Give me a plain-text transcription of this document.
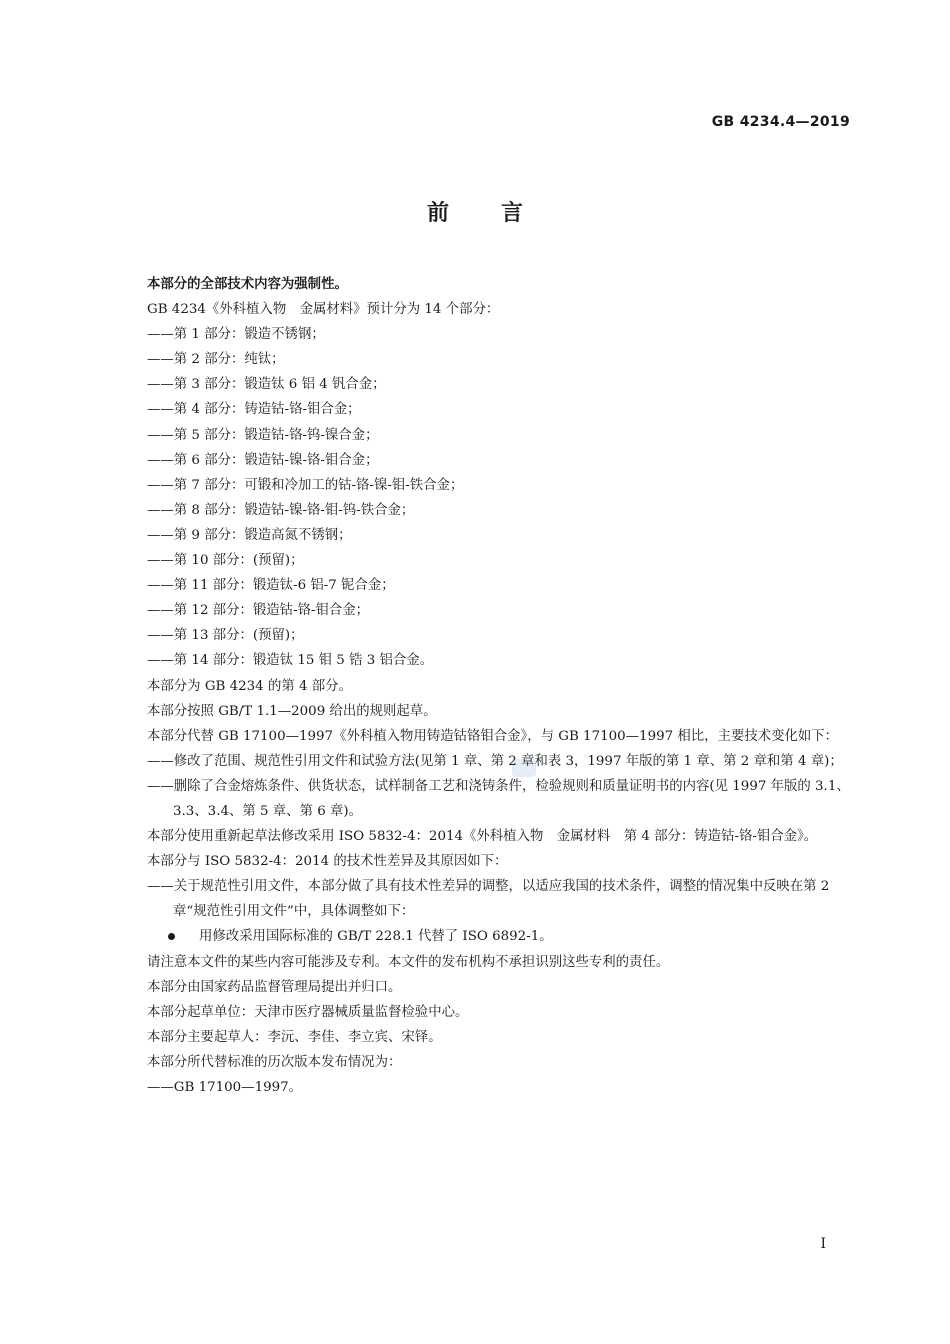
GB 4234.4—2019
前言

本部分的全部技术内容为强制性。

GB 4234《外科植入物　金属材料》预计分为 14 个部分：

——第 1 部分：锻造不锈钢；

——第 2 部分：纯钛；

——第 3 部分：锻造钛 6 铝 4 钒合金；

——第 4 部分：铸造钴-铬-钼合金；

——第 5 部分：锻造钴-铬-钨-镍合金；

——第 6 部分：锻造钴-镍-铬-钼合金；

——第 7 部分：可锻和冷加工的钴-铬-镍-钼-铁合金；

——第 8 部分：锻造钴-镍-铬-钼-钨-铁合金；

——第 9 部分：锻造高氮不锈钢；

——第 10 部分：(预留)；

——第 11 部分：锻造钛-6 铝-7 铌合金；

——第 12 部分：锻造钴-铬-钼合金；

——第 13 部分：(预留)；

——第 14 部分：锻造钛 15 钼 5 锆 3 铝合金。

本部分为 GB 4234 的第 4 部分。

本部分按照 GB/T 1.1—2009 给出的规则起草。

本部分代替 GB 17100—1997《外科植入物用铸造钴铬钼合金》，与 GB 17100—1997 相比，主要技术变化如下：

——修改了范围、规范性引用文件和试验方法(见第 1 章、第 2 章和表 3，1997 年版的第 1 章、第 2 章和第 4 章)；

——删除了合金熔炼条件、供货状态，试样制备工艺和浇铸条件，检验规则和质量证明书的内容(见 1997 年版的 3.1、3.3、3.4、第 5 章、第 6 章)。

本部分使用重新起草法修改采用 ISO 5832-4：2014《外科植入物　金属材料　第 4 部分：铸造钴-铬-钼合金》。

本部分与 ISO 5832-4：2014 的技术性差异及其原因如下：

——关于规范性引用文件，本部分做了具有技术性差异的调整，以适应我国的技术条件，调整的情况集中反映在第 2 章“规范性引用文件”中，具体调整如下：

用修改采用国际标准的 GB/T 228.1 代替了 ISO 6892-1。

请注意本文件的某些内容可能涉及专利。本文件的发布机构不承担识别这些专利的责任。

本部分由国家药品监督管理局提出并归口。

本部分起草单位：天津市医疗器械质量监督检验中心。

本部分主要起草人：李沅、李佳、李立宾、宋铎。

本部分所代替标准的历次版本发布情况为：

——GB 17100—1997。

I
